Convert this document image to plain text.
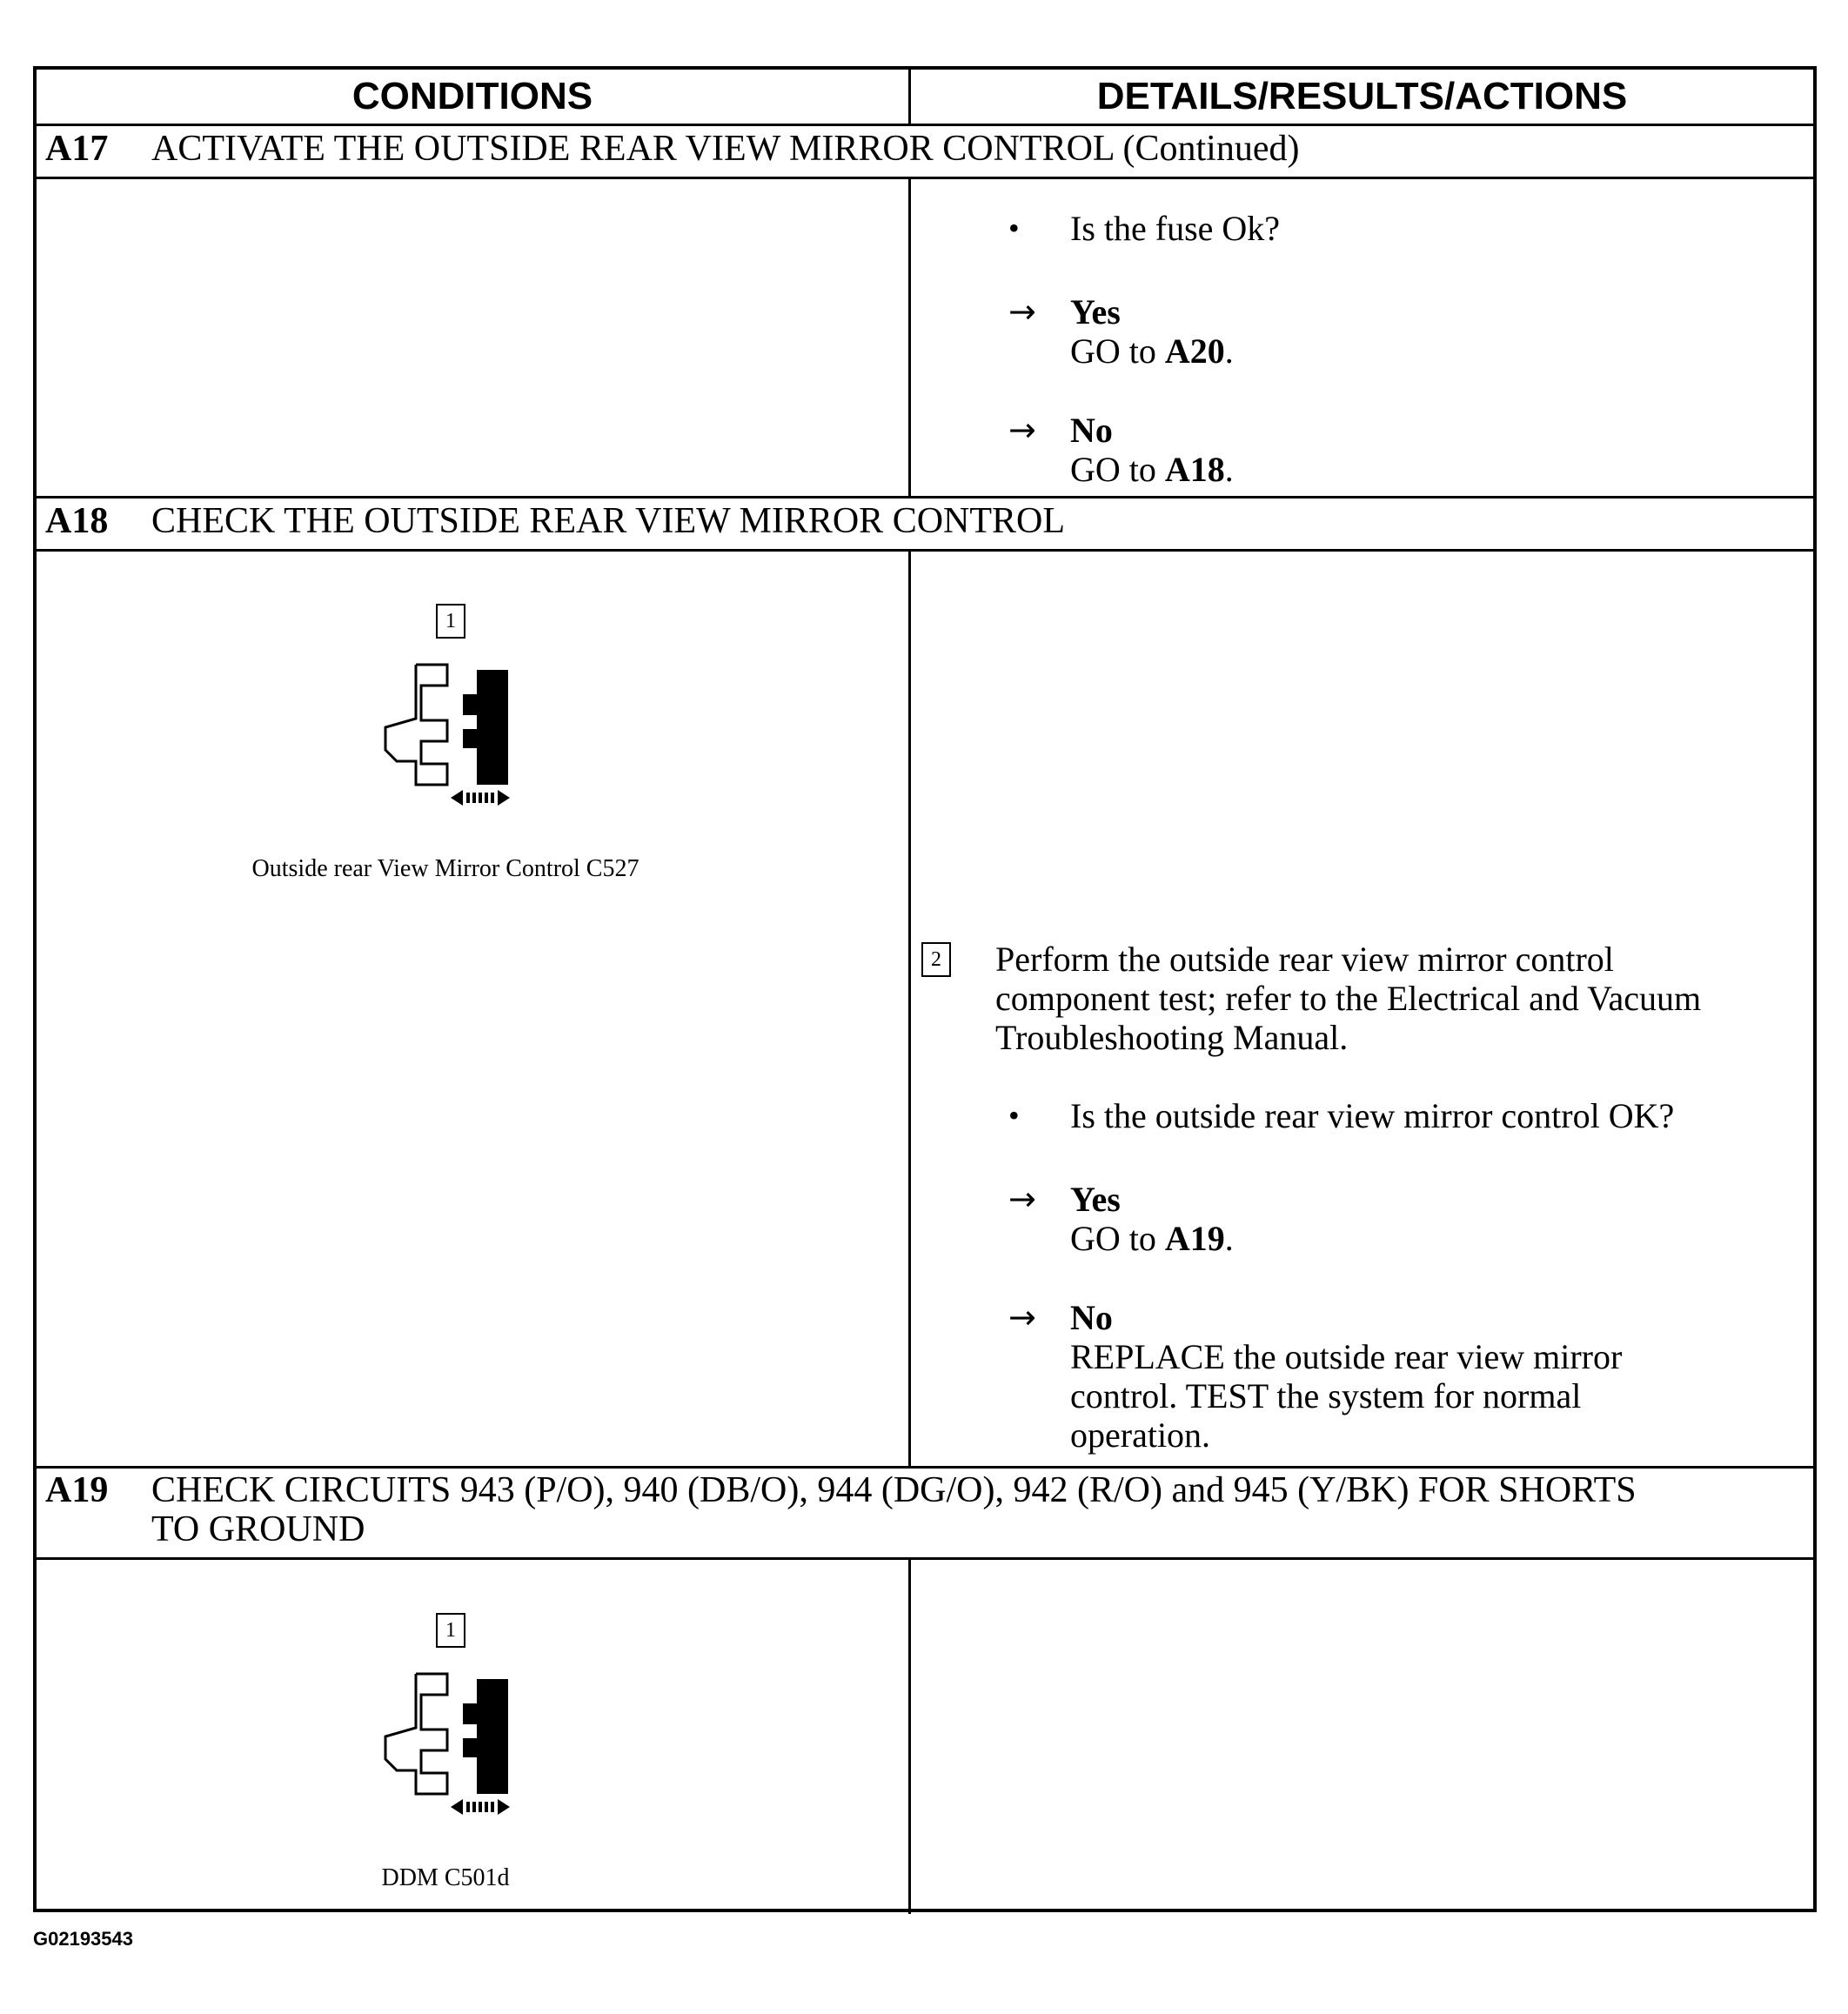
CONDITIONS	DETAILS/RESULTS/ACTIONS
A17 ACTIVATE THE OUTSIDE REAR VIEW MIRROR CONTROL (Continued)
• Is the fuse Ok?
→ Yes
GO to A20.
→ No
GO to A18.
A18 CHECK THE OUTSIDE REAR VIEW MIRROR CONTROL
1
Outside rear View Mirror Control C527
2 Perform the outside rear view mirror control
component test; refer to the Electrical and Vacuum
Troubleshooting Manual.
• Is the outside rear view mirror control OK?
→ Yes
GO to A19.
→ No
REPLACE the outside rear view mirror
control. TEST the system for normal
operation.
A19 CHECK CIRCUITS 943 (P/O), 940 (DB/O), 944 (DG/O), 942 (R/O) and 945 (Y/BK) FOR SHORTS
TO GROUND
1
DDM C501d
G02193543
